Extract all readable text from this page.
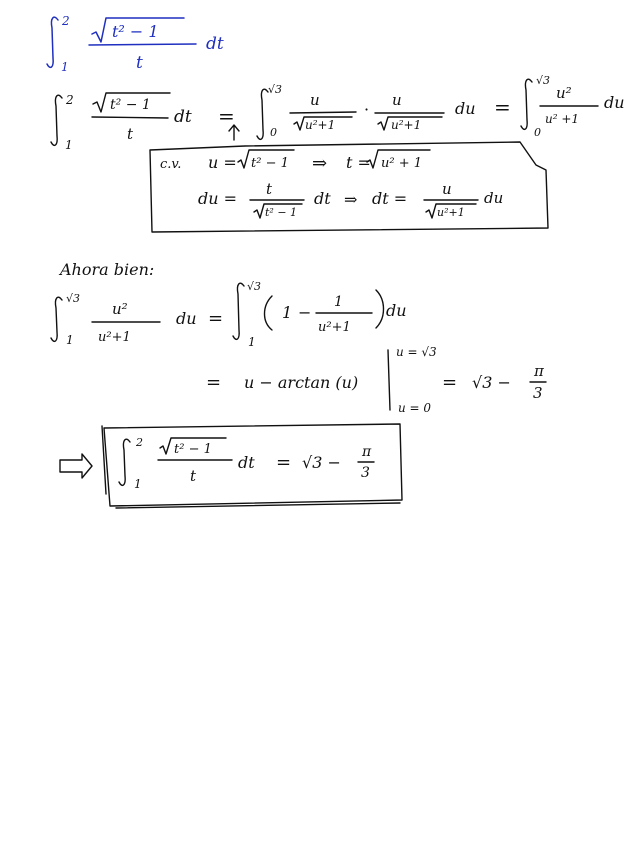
2
1
t² − 1
t
dt
2
1
t² − 1
t
dt =
√3
0
u
u²+1
· u
u²+1
du =
√3
0
u²
u² +1
du
c.v. u = t² − 1 ⇒ t = u² + 1
du = t
t² − 1
dt ⇒ dt = u
u²+1
du
Ahora bien:
√3
1
u²
u²+1
du =
√3
1
1 −
1
u²+1
du
= u − arctan (u)
u = √3
u = 0
= √3 −
π
3
2
1
t² − 1
t
dt = √3 −
π
3
